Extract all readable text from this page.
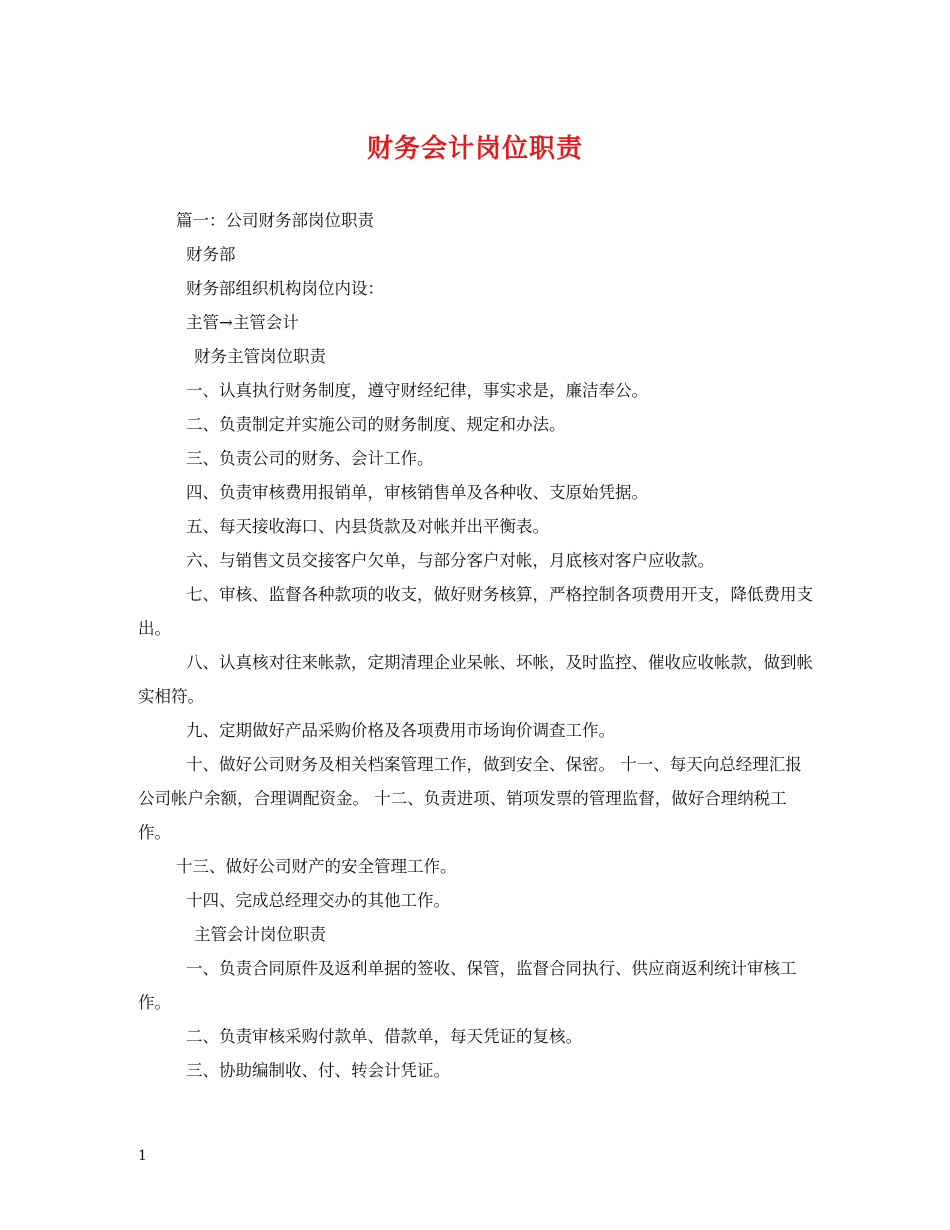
财务会计岗位职责

篇一：公司财务部岗位职责

财务部

财务部组织机构岗位内设：

主管→主管会计

财务主管岗位职责

一、认真执行财务制度，遵守财经纪律，事实求是，廉洁奉公。

二、负责制定并实施公司的财务制度、规定和办法。

三、负责公司的财务、会计工作。

四、负责审核费用报销单，审核销售单及各种收、支原始凭据。

五、每天接收海口、内县货款及对帐并出平衡表。

六、与销售文员交接客户欠单，与部分客户对帐，月底核对客户应收款。

七、审核、监督各种款项的收支，做好财务核算，严格控制各项费用开支，降低费用支出。

八、认真核对往来帐款，定期清理企业呆帐、坏帐，及时监控、催收应收帐款，做到帐实相符。

九、定期做好产品采购价格及各项费用市场询价调查工作。

十、做好公司财务及相关档案管理工作，做到安全、保密。 十一、每天向总经理汇报公司帐户余额，合理调配资金。 十二、负责进项、销项发票的管理监督，做好合理纳税工作。

十三、做好公司财产的安全管理工作。

十四、完成总经理交办的其他工作。

主管会计岗位职责

一、负责合同原件及返利单据的签收、保管，监督合同执行、供应商返利统计审核工作。

二、负责审核采购付款单、借款单，每天凭证的复核。

三、协助编制收、付、转会计凭证。

1
